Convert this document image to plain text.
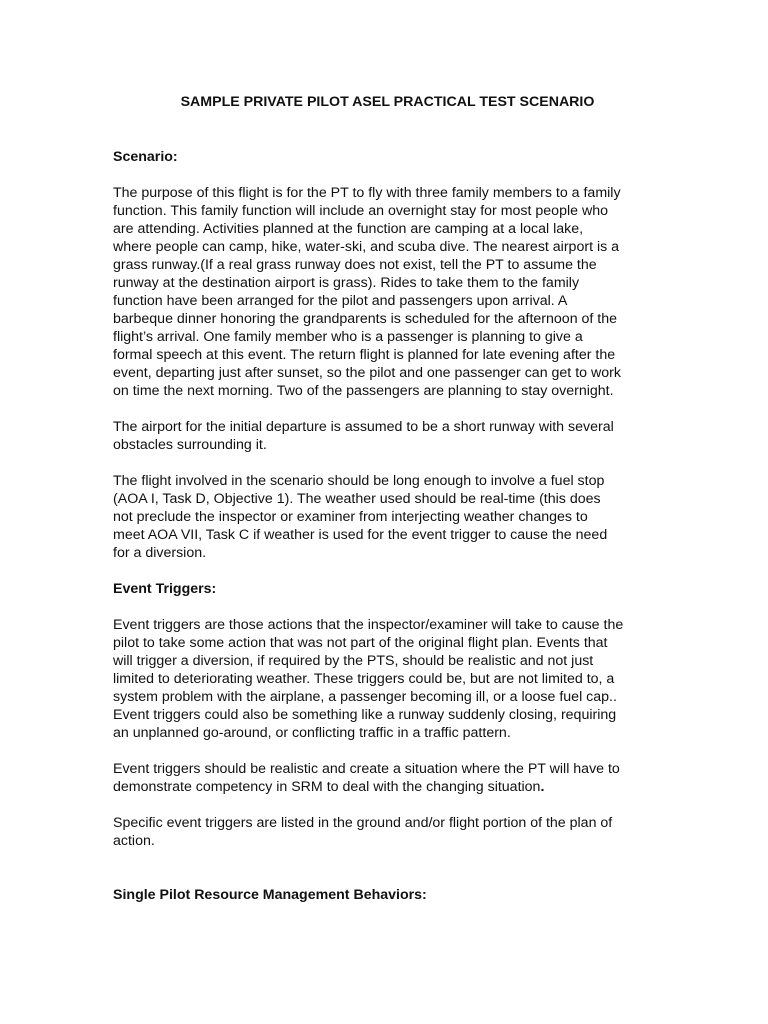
SAMPLE PRIVATE PILOT ASEL PRACTICAL TEST SCENARIO
Scenario:
The purpose of this flight is for the PT to fly with three family members to a family
function. This family function will include an overnight stay for most people who
are attending. Activities planned at the function are camping at a local lake,
where people can camp, hike, water-ski, and scuba dive. The nearest airport is a
grass runway.(If a real grass runway does not exist, tell the PT to assume the
runway at the destination airport is grass). Rides to take them to the family
function have been arranged for the pilot and passengers upon arrival. A
barbeque dinner honoring the grandparents is scheduled for the afternoon of the
flight’s arrival. One family member who is a passenger is planning to give a
formal speech at this event. The return flight is planned for late evening after the
event, departing just after sunset, so the pilot and one passenger can get to work
on time the next morning. Two of the passengers are planning to stay overnight.
The airport for the initial departure is assumed to be a short runway with several
obstacles surrounding it.
The flight involved in the scenario should be long enough to involve a fuel stop
(AOA I, Task D, Objective 1). The weather used should be real-time (this does
not preclude the inspector or examiner from interjecting weather changes to
meet AOA VII, Task C if weather is used for the event trigger to cause the need
for a diversion.
Event Triggers:
Event triggers are those actions that the inspector/examiner will take to cause the
pilot to take some action that was not part of the original flight plan. Events that
will trigger a diversion, if required by the PTS, should be realistic and not just
limited to deteriorating weather. These triggers could be, but are not limited to, a
system problem with the airplane, a passenger becoming ill, or a loose fuel cap..
Event triggers could also be something like a runway suddenly closing, requiring
an unplanned go-around, or conflicting traffic in a traffic pattern.
Event triggers should be realistic and create a situation where the PT will have to
demonstrate competency in SRM to deal with the changing situation.
Specific event triggers are listed in the ground and/or flight portion of the plan of
action.
Single Pilot Resource Management Behaviors:
